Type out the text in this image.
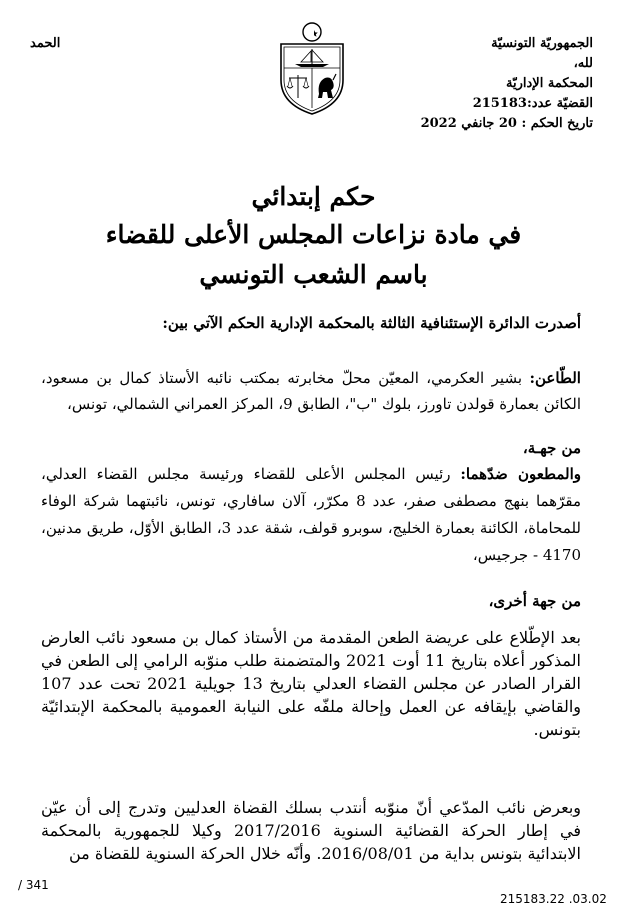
الجمهوريّة التونسيّة
لله،
المحكمة الإداريّة
القضيّة عدد:215183
تاريخ الحكم : 20 جانفي 2022
الحمد
حكم إبتدائي
في مادة نزاعات المجلس الأعلى للقضاء
باسم الشعب التونسي
أصدرت الدائرة الإستئنافية الثالثة بالمحكمة الإدارية الحكم الآتي بين:
الطّاعن: بشير العكرمي، المعيّن محلّ مخابرته بمكتب نائبه الأستاذ كمال بن مسعود، الكائن بعمارة قولدن تاورز، بلوك "ب"، الطابق 9، المركز العمراني الشمالي، تونس،
من جهـة،
والمطعون ضدّهما: رئيس المجلس الأعلى للقضاء ورئيسة مجلس القضاء العدلي، مقرّهما بنهج مصطفى صفر، عدد 8 مكرّر، آلان سافاري، تونس، نائبتهما شركة الوفاء للمحاماة، الكائنة بعمارة الخليج، سوبرو قولف، شقة عدد 3، الطابق الأوّل، طريق مدنين، 4170 - جرجيس،
من جهة أخرى،
بعد الإطّلاع على عريضة الطعن المقدمة من الأستاذ كمال بن مسعود نائب العارض المذكور أعلاه بتاريخ 11 أوت 2021 والمتضمنة طلب منوّبه الرامي إلى الطعن في القرار الصادر عن مجلس القضاء العدلي بتاريخ 13 جويلية 2021 تحت عدد 107 والقاضي بإيقافه عن العمل وإحالة ملفّه على النيابة العمومية بالمحكمة الإبتدائيّة بتونس.
وبعرض نائب المدّعي أنّ منوّبه أنتدب بسلك القضاة العدليين وتدرج إلى أن عيّن في إطار الحركة القضائية السنوية 2017/2016 وكيلا للجمهورية بالمحكمة الابتدائية بتونس بداية من 2016/08/01. وأنّه خلال الحركة السنوية للقضاة من
/ 341
215183.22 .03.02
